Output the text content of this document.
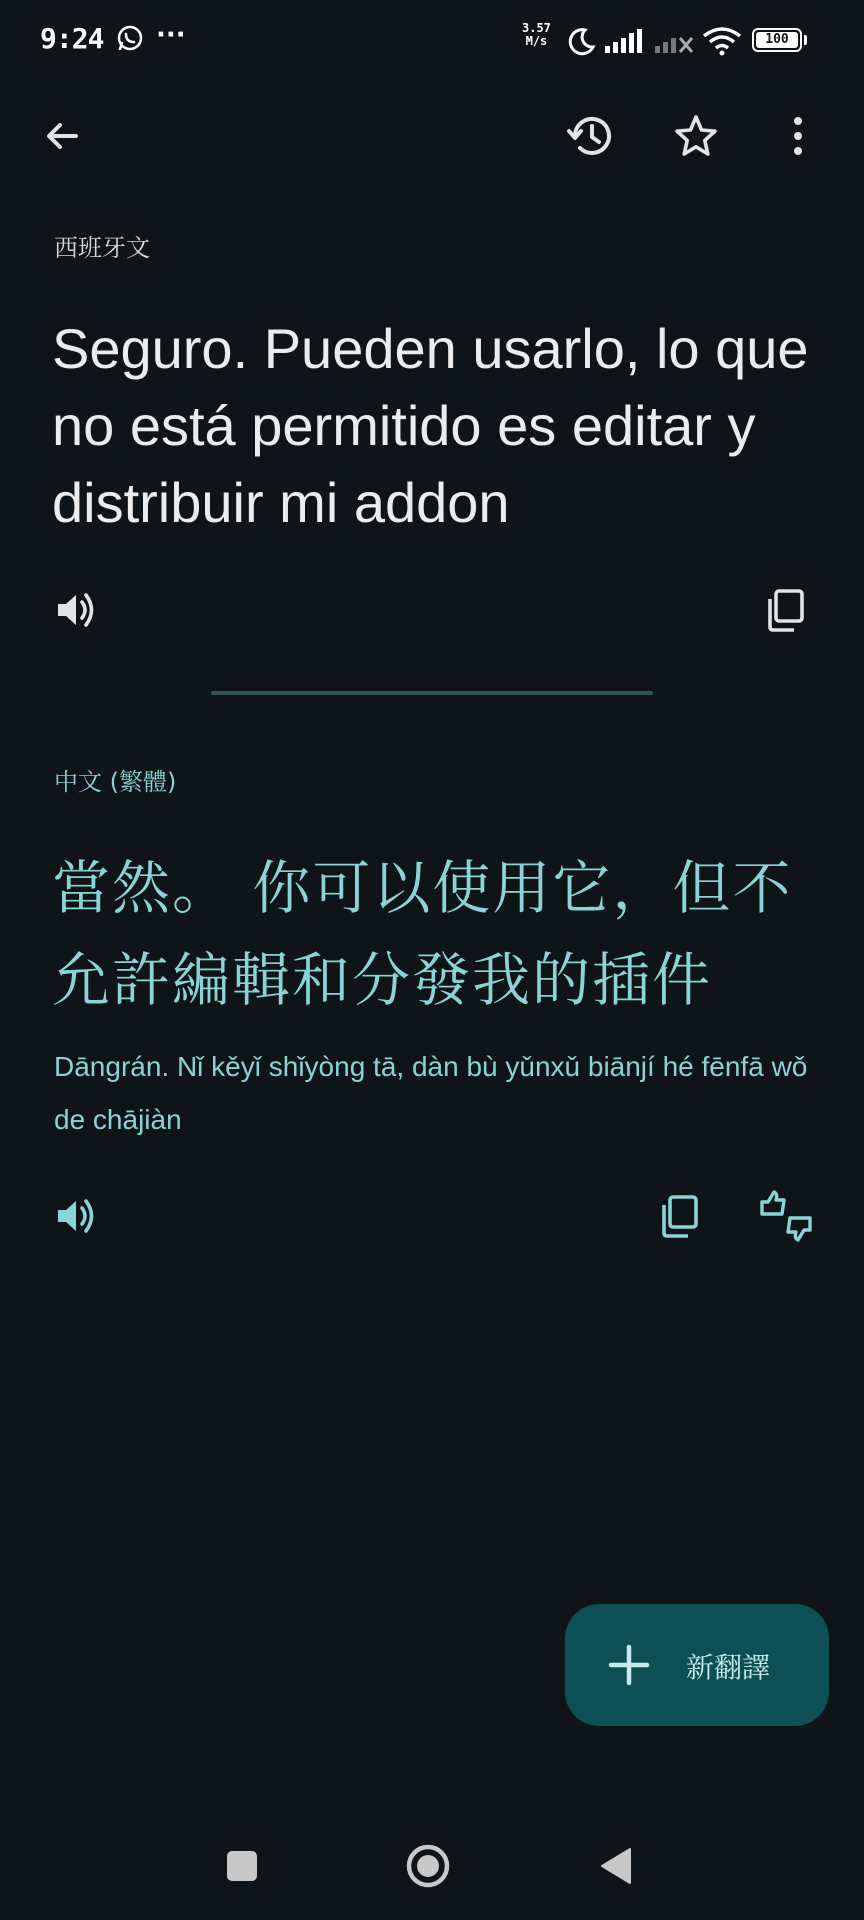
9:24 ···	3.57
M/s	100
西班牙文

Seguro. Pueden usarlo, lo que no está permitido es editar y distribuir mi addon

中文 (繁體)

當然。 你可以使用它，但不允許編輯和分發我的插件

Dāngrán. Nǐ kěyǐ shǐyòng tā, dàn bù yǔnxǔ biānjí hé fēnfā wǒ de chājiàn

新翻譯
